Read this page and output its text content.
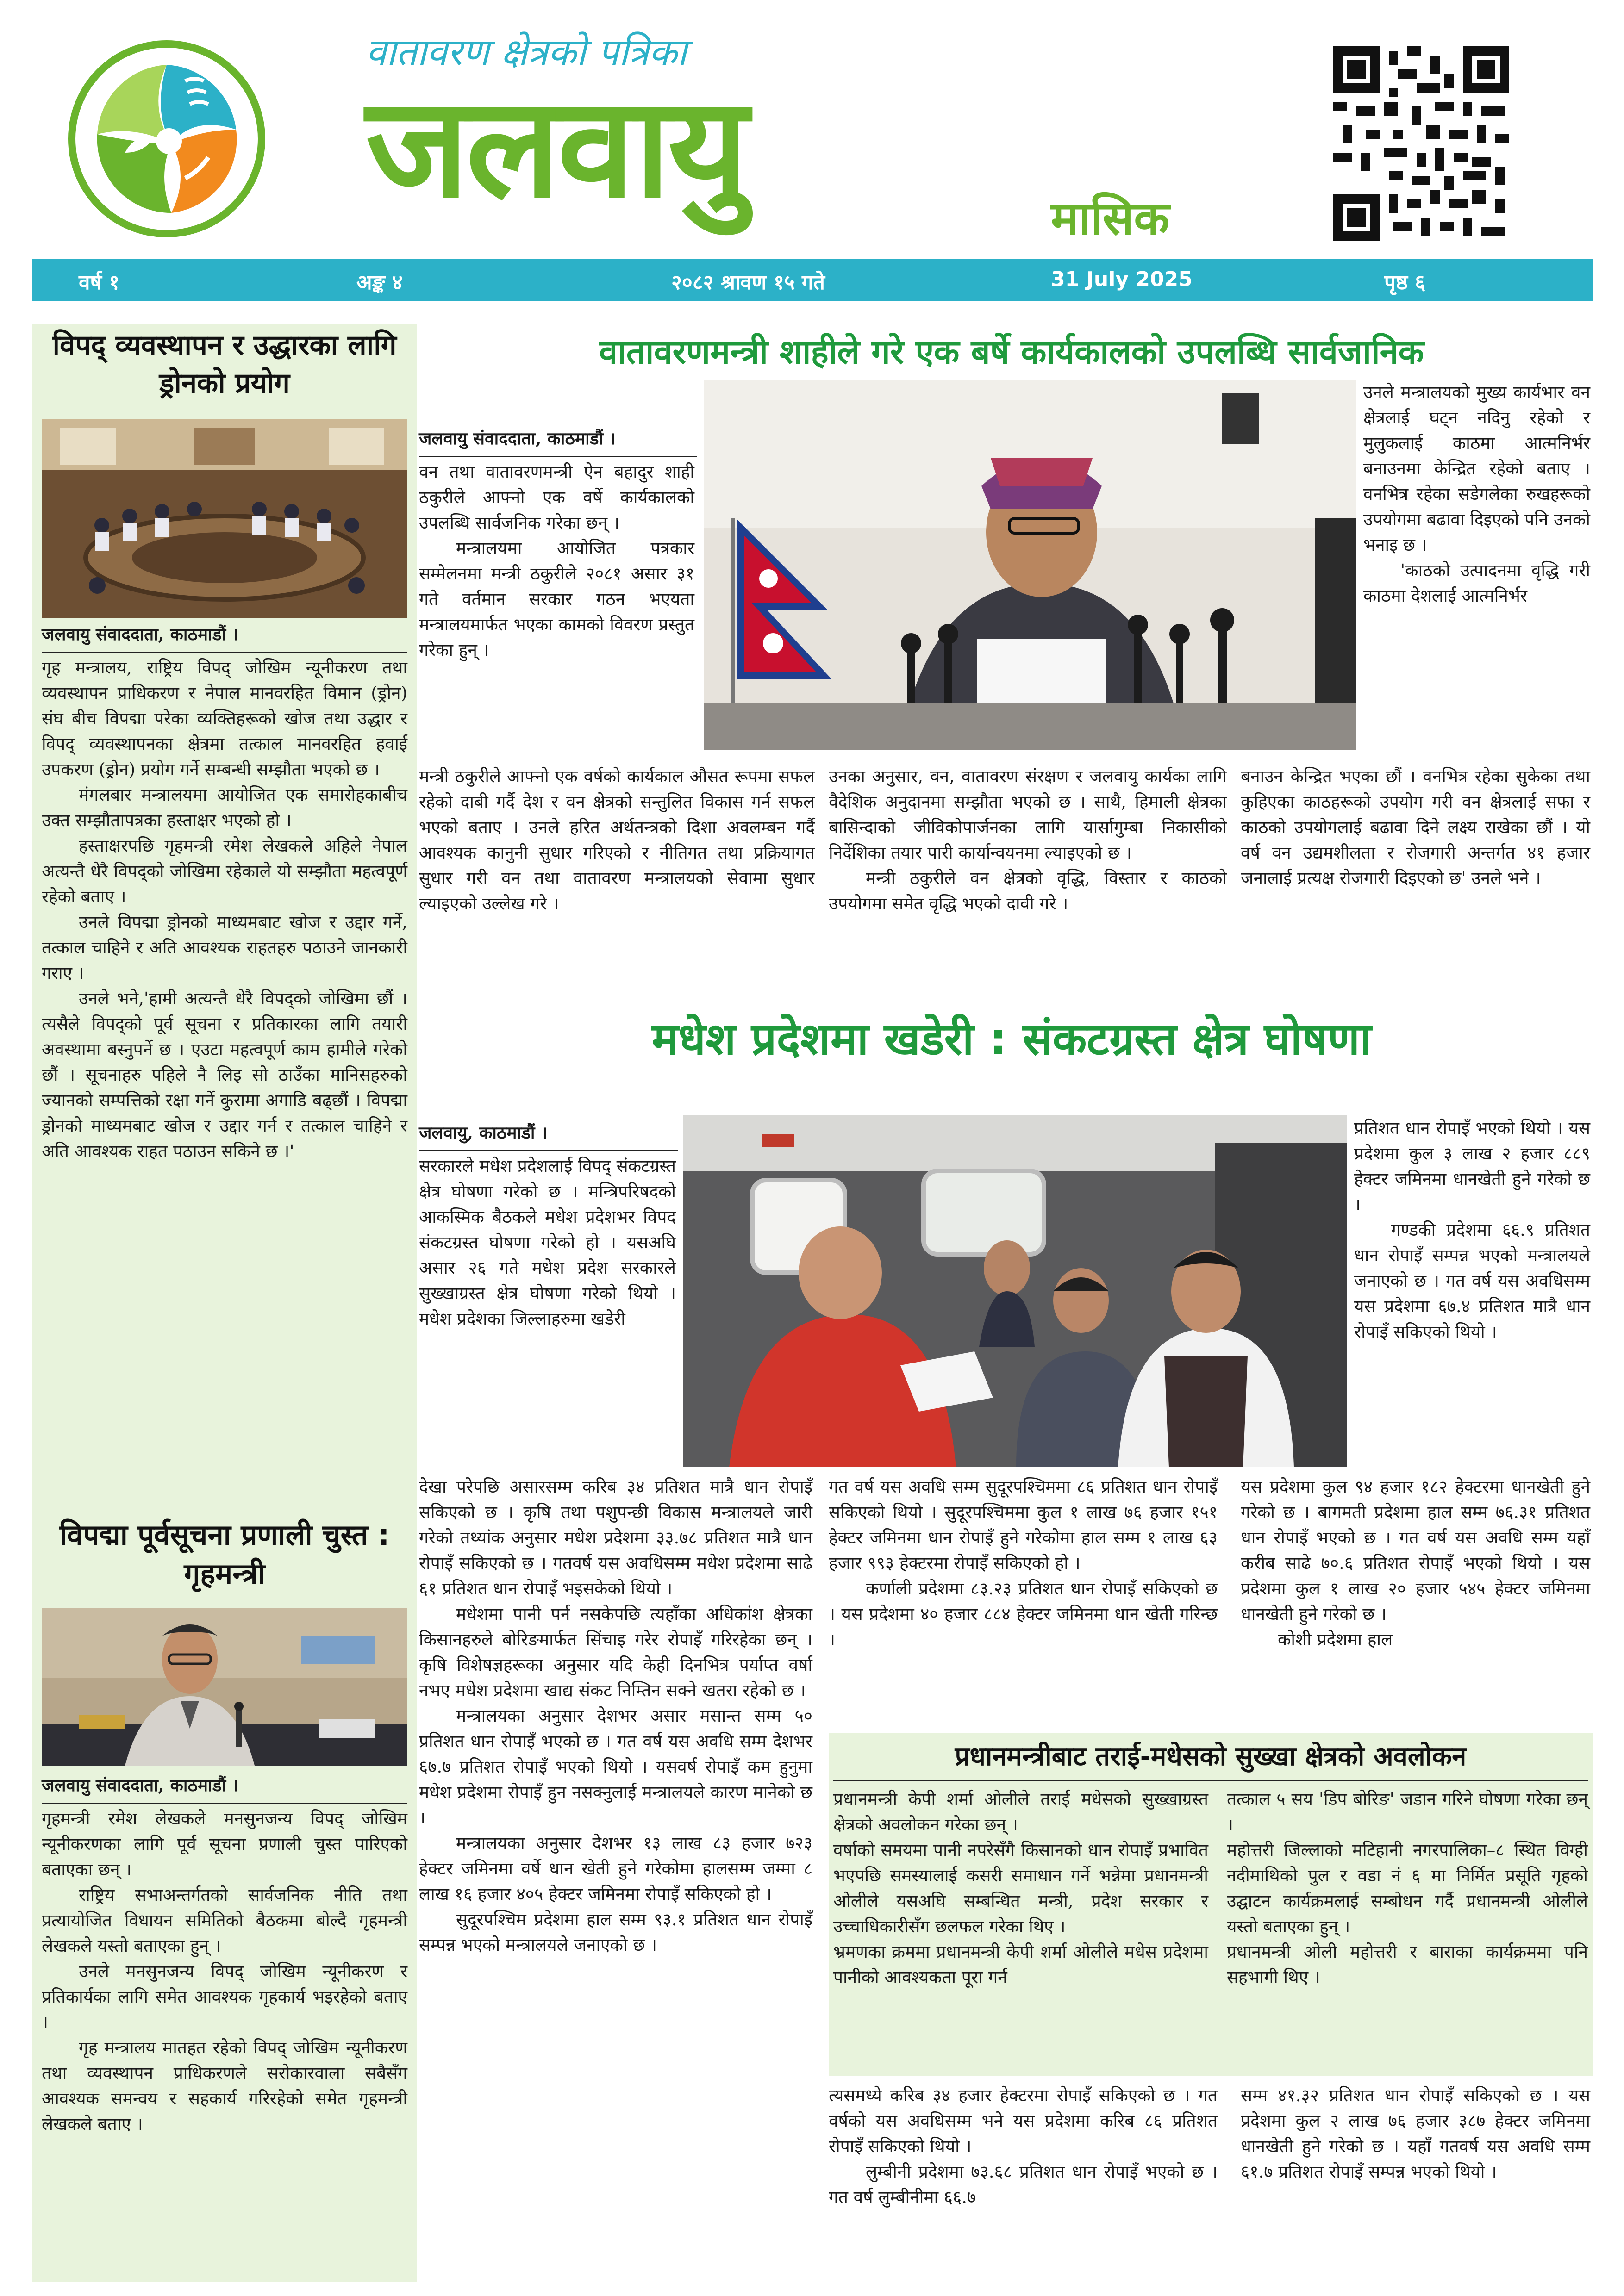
वातावरण क्षेत्रको पत्रिका
जलवायु	मासिक
वर्ष १	अङ्क ४	२०८२ श्रावण १५ गते	31 July 2025	पृष्ठ ६
विपद् व्यवस्थापन र उद्धारका लागि ड्रोनको प्रयोग
जलवायु संवाददाता, काठमाडौं ।

गृह मन्त्रालय, राष्ट्रिय विपद् जोखिम न्यूनीकरण तथा व्यवस्थापन प्राधिकरण र नेपाल मानवरहित विमान (ड्रोन) संघ बीच विपद्मा परेका व्यक्तिहरूको खोज तथा उद्धार र विपद् व्यवस्थापनका क्षेत्रमा तत्काल मानवरहित हवाई उपकरण (ड्रोन) प्रयोग गर्ने सम्बन्धी सम्झौता भएको छ ।

मंगलबार मन्त्रालयमा आयोजित एक समारोहकाबीच उक्त सम्झौतापत्रका हस्ताक्षर भएको हो ।

हस्ताक्षरपछि गृहमन्त्री रमेश लेखकले अहिले नेपाल अत्यन्तै धेरै विपद्को जोखिमा रहेकाले यो सम्झौता महत्वपूर्ण रहेको बताए ।

उनले विपद्मा ड्रोनको माध्यमबाट खोज र उद्दार गर्ने, तत्काल चाहिने र अति आवश्यक राहतहरु पठाउने जानकारी गराए ।

उनले भने,'हामी अत्यन्तै धेरै विपद्को जोखिमा छौं । त्यसैले विपद्को पूर्व सूचना र प्रतिकारका लागि तयारी अवस्थामा बस्नुपर्ने छ । एउटा महत्वपूर्ण काम हामीले गरेको छौं । सूचनाहरु पहिले नै लिइ सो ठाउँका मानिसहरुको ज्यानको सम्पत्तिको रक्षा गर्ने कुरामा अगाडि बढ्छौं । विपद्मा ड्रोनको माध्यमबाट खोज र उद्दार गर्न र तत्काल चाहिने र अति आवश्यक राहत पठाउन सकिने छ ।'

विपद्मा पूर्वसूचना प्रणाली चुस्त : गृहमन्त्री
जलवायु संवाददाता, काठमाडौं ।

गृहमन्त्री रमेश लेखकले मनसुनजन्य विपद् जोखिम न्यूनीकरणका लागि पूर्व सूचना प्रणाली चुस्त पारिएको बताएका छन् ।

राष्ट्रिय सभाअन्तर्गतको सार्वजनिक नीति तथा प्रत्यायोजित विधायन समितिको बैठकमा बोल्दै गृहमन्त्री लेखकले यस्तो बताएका हुन् ।

उनले मनसुनजन्य विपद् जोखिम न्यूनीकरण र प्रतिकार्यका लागि समेत आवश्यक गृहकार्य भइरहेको बताए ।

गृह मन्त्रालय मातहत रहेको विपद् जोखिम न्यूनीकरण तथा व्यवस्थापन प्राधिकरणले सरोकारवाला सबैसँग आवश्यक समन्वय र सहकार्य गरिरहेको समेत गृहमन्त्री लेखकले बताए ।

वातावरणमन्त्री शाहीले गरे एक बर्षे कार्यकालको उपलब्धि सार्वजानिक
जलवायु संवाददाता, काठमाडौं ।

वन तथा वातावरणमन्त्री ऐन बहादुर शाही ठकुरीले आफ्नो एक वर्षे कार्यकालको उपलब्धि सार्वजनिक गरेका छन् ।

मन्त्रालयमा आयोजित पत्रकार सम्मेलनमा मन्त्री ठकुरीले २०८१ असार ३१ गते वर्तमान सरकार गठन भएयता मन्त्रालयमार्फत भएका कामको विवरण प्रस्तुत गरेका हुन् ।

उनले मन्त्रालयको मुख्य कार्यभार वन क्षेत्रलाई घट्न नदिनु रहेको र मुलुकलाई काठमा आत्मनिर्भर बनाउनमा केन्द्रित रहेको बताए । वनभित्र रहेका सडेगलेका रुखहरूको उपयोगमा बढावा दिइएको पनि उनको भनाइ छ ।

'काठको उत्पादनमा वृद्धि गरी काठमा देशलाई आत्मनिर्भर

मन्त्री ठकुरीले आफ्नो एक वर्षको कार्यकाल औसत रूपमा सफल रहेको दाबी गर्दै देश र वन क्षेत्रको सन्तुलित विकास गर्न सफल भएको बताए । उनले हरित अर्थतन्त्रको दिशा अवलम्बन गर्दै आवश्यक कानुनी सुधार गरिएको र नीतिगत तथा प्रक्रियागत सुधार गरी वन तथा वातावरण मन्त्रालयको सेवामा सुधार ल्याइएको उल्लेख गरे ।

उनका अनुसार, वन, वातावरण संरक्षण र जलवायु कार्यका लागि वैदेशिक अनुदानमा सम्झौता भएको छ । साथै, हिमाली क्षेत्रका बासिन्दाको जीविकोपार्जनका लागि यार्सागुम्बा निकासीको निर्देशिका तयार पारी कार्यान्वयनमा ल्याइएको छ ।

मन्त्री ठकुरीले वन क्षेत्रको वृद्धि, विस्तार र काठको उपयोगमा समेत वृद्धि भएको दावी गरे ।

बनाउन केन्द्रित भएका छौं । वनभित्र रहेका सुकेका तथा कुहिएका काठहरूको उपयोग गरी वन क्षेत्रलाई सफा र काठको उपयोगलाई बढावा दिने लक्ष्य राखेका छौं । यो वर्ष वन उद्यमशीलता र रोजगारी अन्तर्गत ४१ हजार जनालाई प्रत्यक्ष रोजगारी दिइएको छ' उनले भने ।

मधेश प्रदेशमा खडेरी : संकटग्रस्त क्षेत्र घोषणा
जलवायु, काठमाडौं ।

सरकारले मधेश प्रदेशलाई विपद् संकटग्रस्त क्षेत्र घोषणा गरेको छ । मन्त्रिपरिषदको आकस्मिक बैठकले मधेश प्रदेशभर विपद संकटग्रस्त घोषणा गरेको हो । यसअघि असार २६ गते मधेश प्रदेश सरकारले सुख्खाग्रस्त क्षेत्र घोषणा गरेको थियो । मधेश प्रदेशका जिल्लाहरुमा खडेरी

प्रतिशत धान रोपाइँ भएको थियो । यस प्रदेशमा कुल ३ लाख २ हजार ८८९ हेक्टर जमिनमा धानखेती हुने गरेको छ ।

गण्डकी प्रदेशमा ६६.९ प्रतिशत धान रोपाइँ सम्पन्न भएको मन्त्रालयले जनाएको छ । गत वर्ष यस अवधिसम्म यस प्रदेशमा ६७.४ प्रतिशत मात्रै धान रोपाइँ सकिएको थियो ।

देखा परेपछि असारसम्म करिब ३४ प्रतिशत मात्रै धान रोपाइँ सकिएको छ । कृषि तथा पशुपन्छी विकास मन्त्रालयले जारी गरेको तथ्यांक अनुसार मधेश प्रदेशमा ३३.७८ प्रतिशत मात्रै धान रोपाइँ सकिएको छ । गतवर्ष यस अवधिसम्म मधेश प्रदेशमा साढे ६१ प्रतिशत धान रोपाइँ भइसकेको थियो ।

मधेशमा पानी पर्न नसकेपछि त्यहाँका अधिकांश क्षेत्रका किसानहरुले बोरिङमार्फत सिंचाइ गरेर रोपाइँ गरिरहेका छन् । कृषि विशेषज्ञहरूका अनुसार यदि केही दिनभित्र पर्याप्त वर्षा नभए मधेश प्रदेशमा खाद्य संकट निम्तिन सक्ने खतरा रहेको छ ।

मन्त्रालयका अनुसार देशभर असार मसान्त सम्म ५० प्रतिशत धान रोपाइँ भएको छ । गत वर्ष यस अवधि सम्म देशभर ६७.७ प्रतिशत रोपाइँ भएको थियो । यसवर्ष रोपाइँ कम हुनुमा मधेश प्रदेशमा रोपाइँ हुन नसक्नुलाई मन्त्रालयले कारण मानेको छ ।

मन्त्रालयका अनुसार देशभर १३ लाख ८३ हजार ७२३ हेक्टर जमिनमा वर्षे धान खेती हुने गरेकोमा हालसम्म जम्मा ८ लाख १६ हजार ४०५ हेक्टर जमिनमा रोपाइँ सकिएको हो ।

सुदूरपश्चिम प्रदेशमा हाल सम्म ९३.१ प्रतिशत धान रोपाइँ सम्पन्न भएको मन्त्रालयले जनाएको छ ।

गत वर्ष यस अवधि सम्म सुदूरपश्चिममा ८६ प्रतिशत धान रोपाइँ सकिएको थियो । सुदूरपश्चिममा कुल १ लाख ७६ हजार १५१ हेक्टर जमिनमा धान रोपाइँ हुने गरेकोमा हाल सम्म १ लाख ६३ हजार ९९३ हेक्टरमा रोपाइँ सकिएको हो ।

कर्णाली प्रदेशमा ८३.२३ प्रतिशत धान रोपाइँ सकिएको छ । यस प्रदेशमा ४० हजार ८८४ हेक्टर जमिनमा धान खेती गरिन्छ ।

यस प्रदेशमा कुल ९४ हजार १८२ हेक्टरमा धानखेती हुने गरेको छ । बागमती प्रदेशमा हाल सम्म ७६.३१ प्रतिशत धान रोपाइँ भएको छ । गत वर्ष यस अवधि सम्म यहाँ करीब साढे ७०.६ प्रतिशत रोपाइँ भएको थियो । यस प्रदेशमा कुल १ लाख २० हजार ५४५ हेक्टर जमिनमा धानखेती हुने गरेको छ ।

कोशी प्रदेशमा हाल

प्रधानमन्त्रीबाट तराई-मधेसको सुख्खा क्षेत्रको अवलोकन

प्रधानमन्त्री केपी शर्मा ओलीले तराई मधेसको सुख्खाग्रस्त क्षेत्रको अवलोकन गरेका छन् ।

वर्षाको समयमा पानी नपरेसँगै किसानको धान रोपाइँ प्रभावित भएपछि समस्यालाई कसरी समाधान गर्ने भन्नेमा प्रधानमन्त्री ओलीले यसअघि सम्बन्धित मन्त्री, प्रदेश सरकार र उच्चाधिकारीसँग छलफल गरेका थिए ।

भ्रमणका क्रममा प्रधानमन्त्री केपी शर्मा ओलीले मधेस प्रदेशमा पानीको आवश्यकता पूरा गर्न

तत्काल ५ सय 'डिप बोरिङ' जडान गरिने घोषणा गरेका छन् ।

महोत्तरी जिल्लाको मटिहानी नगरपालिका–८ स्थित विग्ही नदीमाथिको पुल र वडा नं ६ मा निर्मित प्रसूति गृहको उद्घाटन कार्यक्रमलाई सम्बोधन गर्दै प्रधानमन्त्री ओलीले यस्तो बताएका हुन् ।

प्रधानमन्त्री ओली महोत्तरी र बाराका कार्यक्रममा पनि सहभागी थिए ।

त्यसमध्ये करिब ३४ हजार हेक्टरमा रोपाइँ सकिएको छ । गत वर्षको यस अवधिसम्म भने यस प्रदेशमा करिब ८६ प्रतिशत रोपाइँ सकिएको थियो ।

लुम्बीनी प्रदेशमा ७३.६८ प्रतिशत धान रोपाइँ भएको छ । गत वर्ष लुम्बीनीमा ६६.७

सम्म ४१.३२ प्रतिशत धान रोपाइँ सकिएको छ । यस प्रदेशमा कुल २ लाख ७६ हजार ३८७ हेक्टर जमिनमा धानखेती हुने गरेको छ । यहाँ गतवर्ष यस अवधि सम्म ६१.७ प्रतिशत रोपाइँ सम्पन्न भएको थियो ।
